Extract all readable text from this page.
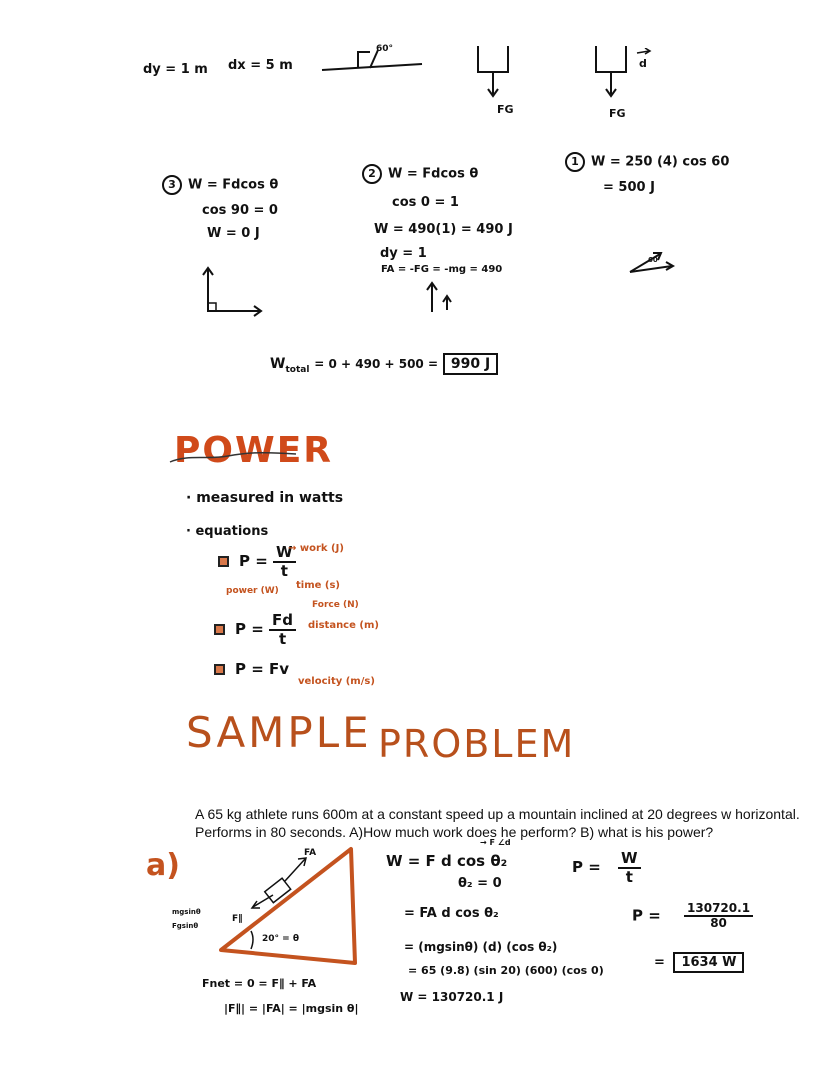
dy = 1 m dx = 5 m
60°
FG	FG
d
3 W = Fdcos θ
cos 90 = 0
W = 0 J
2 W = Fdcos θ
cos 0 = 1
W = 490(1) = 490 J
dy = 1
FA = -FG = -mg = 490
1 W = 250 (4) cos 60
= 500 J
60
$W_{total} = 0 + 490 + 500 = 990$ J
POWER
· measured in watts
· equations
$P = \frac{W}{t}$
→ work (J)
time (s)
power (W)
$P = \frac{Fd}{t}$
Force (N)
distance (m)
P = Fv
velocity (m/s)
SAMPLE PROBLEM
A 65 kg athlete runs 600m at a constant speed up a mountain inclined at 20 degrees w horizontal.
Performs in 80 seconds. A)How much work does he perform? B) what is his power?
a)	FA
F∥
mgsinθ
Fgsinθ
20° = θ
Fnet = 0 = F∥ + FA
|F∥| = |FA| = |mgsin θ|
→ F ∠d
W = F d cos θ₂
θ₂ = 0
= FA d cos θ₂
= (mgsinθ) (d) (cos θ₂)
= 65 (9.8) (sin 20) (600) (cos 0)
W = 130720.1 J
$P = \frac{W}{t}$
$P = \frac{130720.1}{80}$
= 1634 W
